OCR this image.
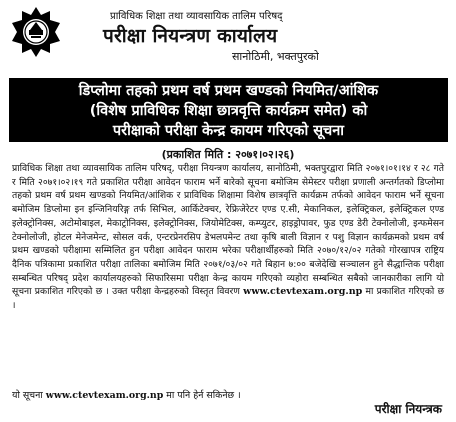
प्राविधिक शिक्षा तथा व्यावसायिक तालिम परिषद्
परीक्षा नियन्त्रण कार्यालय
सानोठिमी, भक्तपुरको
डिप्लोमा तहको प्रथम वर्ष प्रथम खण्डको नियमित/आंशिक
(विशेष प्राविधिक शिक्षा छात्रवृत्ति कार्यक्रम समेत) को
परीक्षाको परीक्षा केन्द्र कायम गरिएको सूचना
(प्रकाशित मिति : २०७१।०२।२६)
प्राविधिक शिक्षा तथा व्यावसायिक तालिम परिषद्, परीक्षा नियन्त्रण कार्यालय, सानोठिमी, भक्तपुरद्वारा मिति २०७१।०१।१४ र २८ गते र मिति २०७१।०२।१९ गते प्रकाशित परीक्षा आवेदन फाराम भर्ने बारेको सूचना बमोजिम सेमेस्टर परीक्षा प्रणाली अन्तर्गतको डिप्लोमा तहको प्रथम वर्ष प्रथम खण्डको नियमित/आंशिक र प्राविधिक शिक्षामा विशेष छात्रवृत्ति कार्यक्रम तर्फको आवेदन फाराम भर्ने सूचना बमोजिम डिप्लोमा इन इन्जिनियरिङ्ग तर्फ सिभिल, आर्किटेक्चर, रेफ्रिजेरेटर एण्ड ए.सी, मेकानिकल, इलेक्ट्रिकल, इलेक्ट्रिकल एण्ड इलेक्ट्रोनिक्स, अटोमोबाइल, मेकाट्रोनिक्स, इलेक्ट्रोनिक्स, जियोमेटिक्स, कम्प्युटर, हाइड्रोपावर, फुड एण्ड डेरी टेक्नोलोजी, इन्फमेसन टेक्नोलोजी, होटल मेनेजमेन्ट, सोसल वर्क, एन्टरप्रेनरसिप डेभलपमेन्ट तथा कृषि बाली विज्ञान र पशु विज्ञान कार्यक्रमको प्रथम वर्ष प्रथम खण्डको परीक्षामा सम्मिलित हुन परीक्षा आवेदन फाराम भरेका परीक्षार्थीहरुको मिति २०७०/१२/०२ गतेको गोरखापत्र राष्ट्रिय दैनिक पत्रिकामा प्रकाशित परीक्षा तालिका बमोजिम मिति २०७१/०३/०२ गते बिहान ७:०० बजेदेखि सञ्चालन हुने सैद्धान्तिक परीक्षा सम्बन्धित परिषद् प्रदेश कार्यालयहरुको सिफारिसमा परीक्षा केन्द्र कायम गरिएको व्यहोरा सम्बन्धित सबैको जानकारीका लागि यो सूचना प्रकाशित गरिएको छ । उक्त परीक्षा केन्द्रहरुको विस्तृत विवरण www.ctevtexam.org.np मा प्रकाशित गरिएको छ ।
यो सूचना www.ctevtexam.org.np मा पनि हेर्न सकिनेछ ।
परीक्षा नियन्त्रक
